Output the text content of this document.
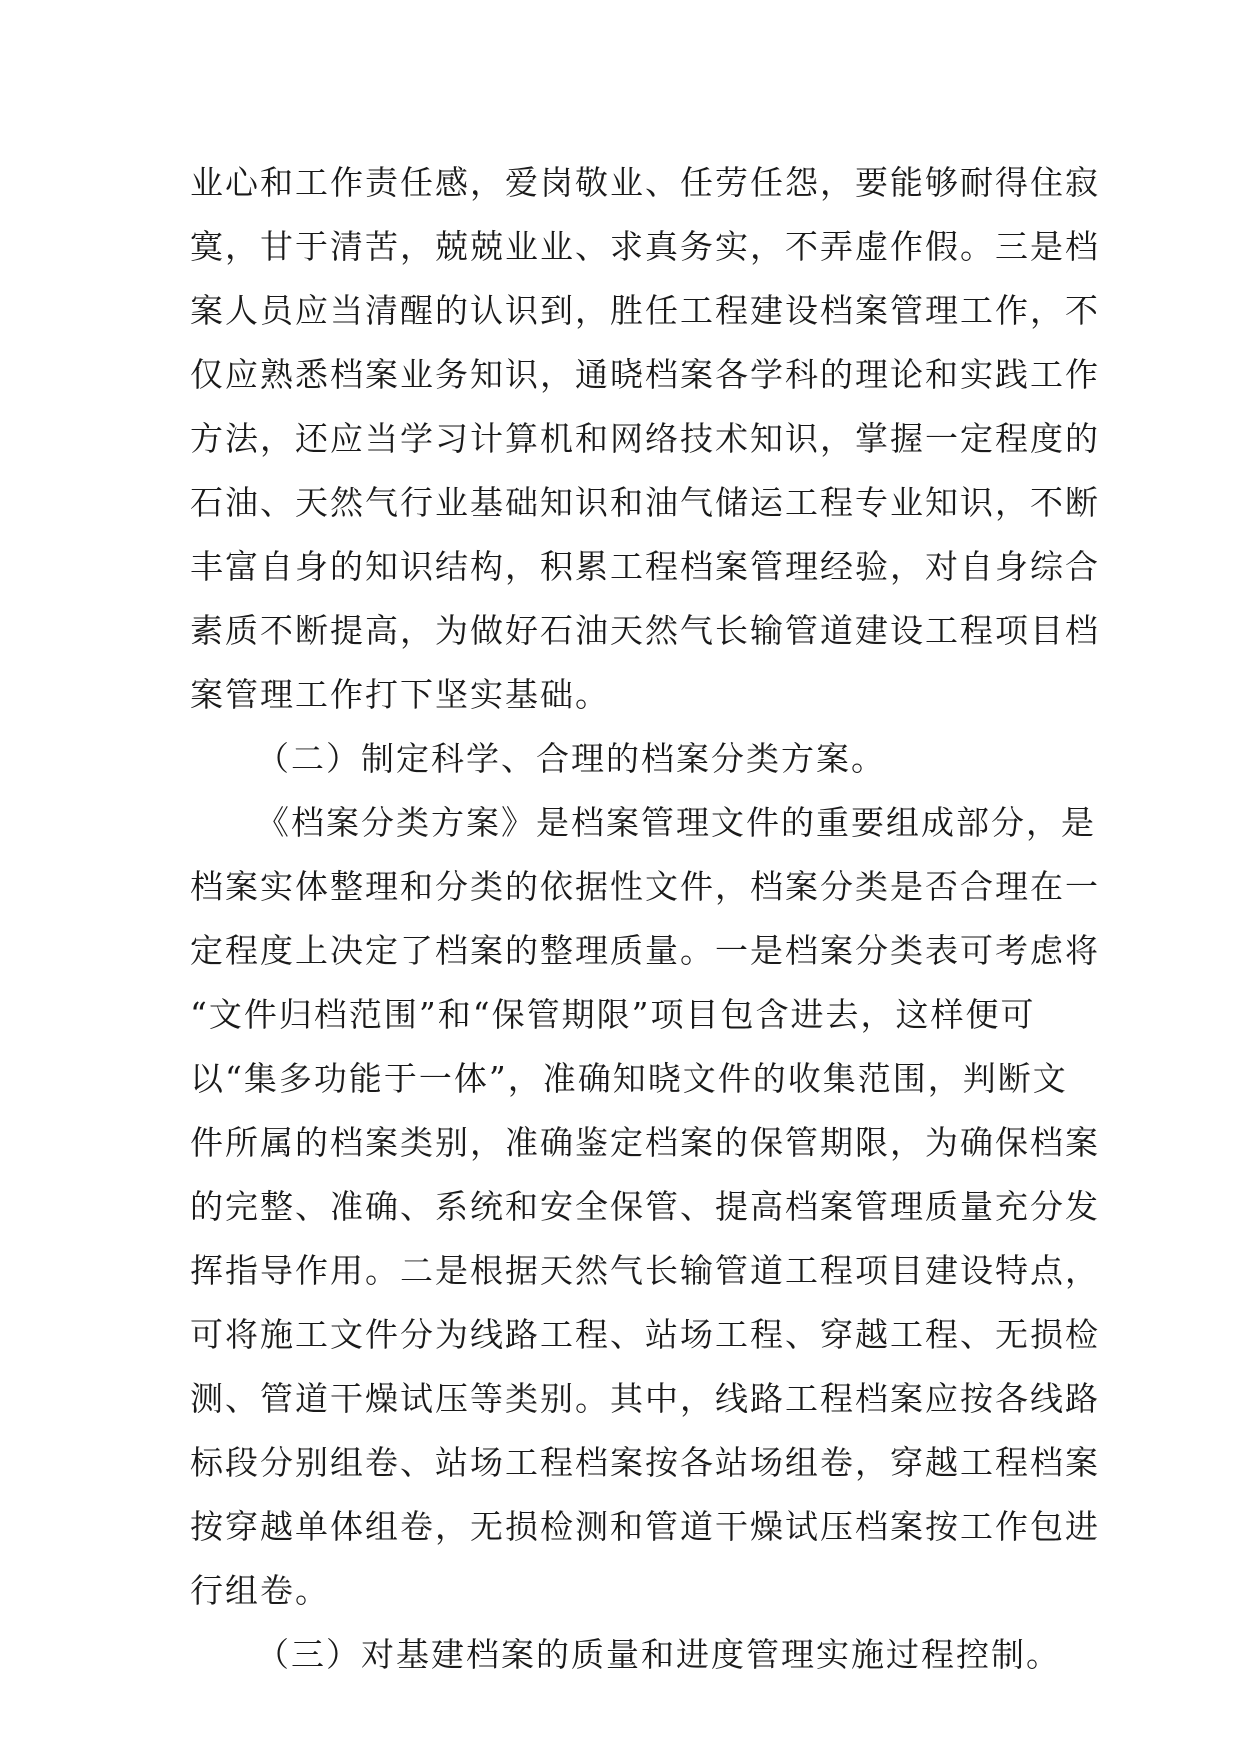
业心和工作责任感，爱岗敬业、任劳任怨，要能够耐得住寂
寞，甘于清苦，兢兢业业、求真务实，不弄虚作假。三是档
案人员应当清醒的认识到，胜任工程建设档案管理工作，不
仅应熟悉档案业务知识，通晓档案各学科的理论和实践工作
方法，还应当学习计算机和网络技术知识，掌握一定程度的
石油、天然气行业基础知识和油气储运工程专业知识，不断
丰富自身的知识结构，积累工程档案管理经验，对自身综合
素质不断提高，为做好石油天然气长输管道建设工程项目档
案管理工作打下坚实基础。
（二）制定科学、合理的档案分类方案。
《档案分类方案》是档案管理文件的重要组成部分，是
档案实体整理和分类的依据性文件，档案分类是否合理在一
定程度上决定了档案的整理质量。一是档案分类表可考虑将
“文件归档范围”和“保管期限”项目包含进去，这样便可
以“集多功能于一体”，准确知晓文件的收集范围，判断文
件所属的档案类别，准确鉴定档案的保管期限，为确保档案
的完整、准确、系统和安全保管、提高档案管理质量充分发
挥指导作用。二是根据天然气长输管道工程项目建设特点，
可将施工文件分为线路工程、站场工程、穿越工程、无损检
测、管道干燥试压等类别。其中，线路工程档案应按各线路
标段分别组卷、站场工程档案按各站场组卷，穿越工程档案
按穿越单体组卷，无损检测和管道干燥试压档案按工作包进
行组卷。
（三）对基建档案的质量和进度管理实施过程控制。
